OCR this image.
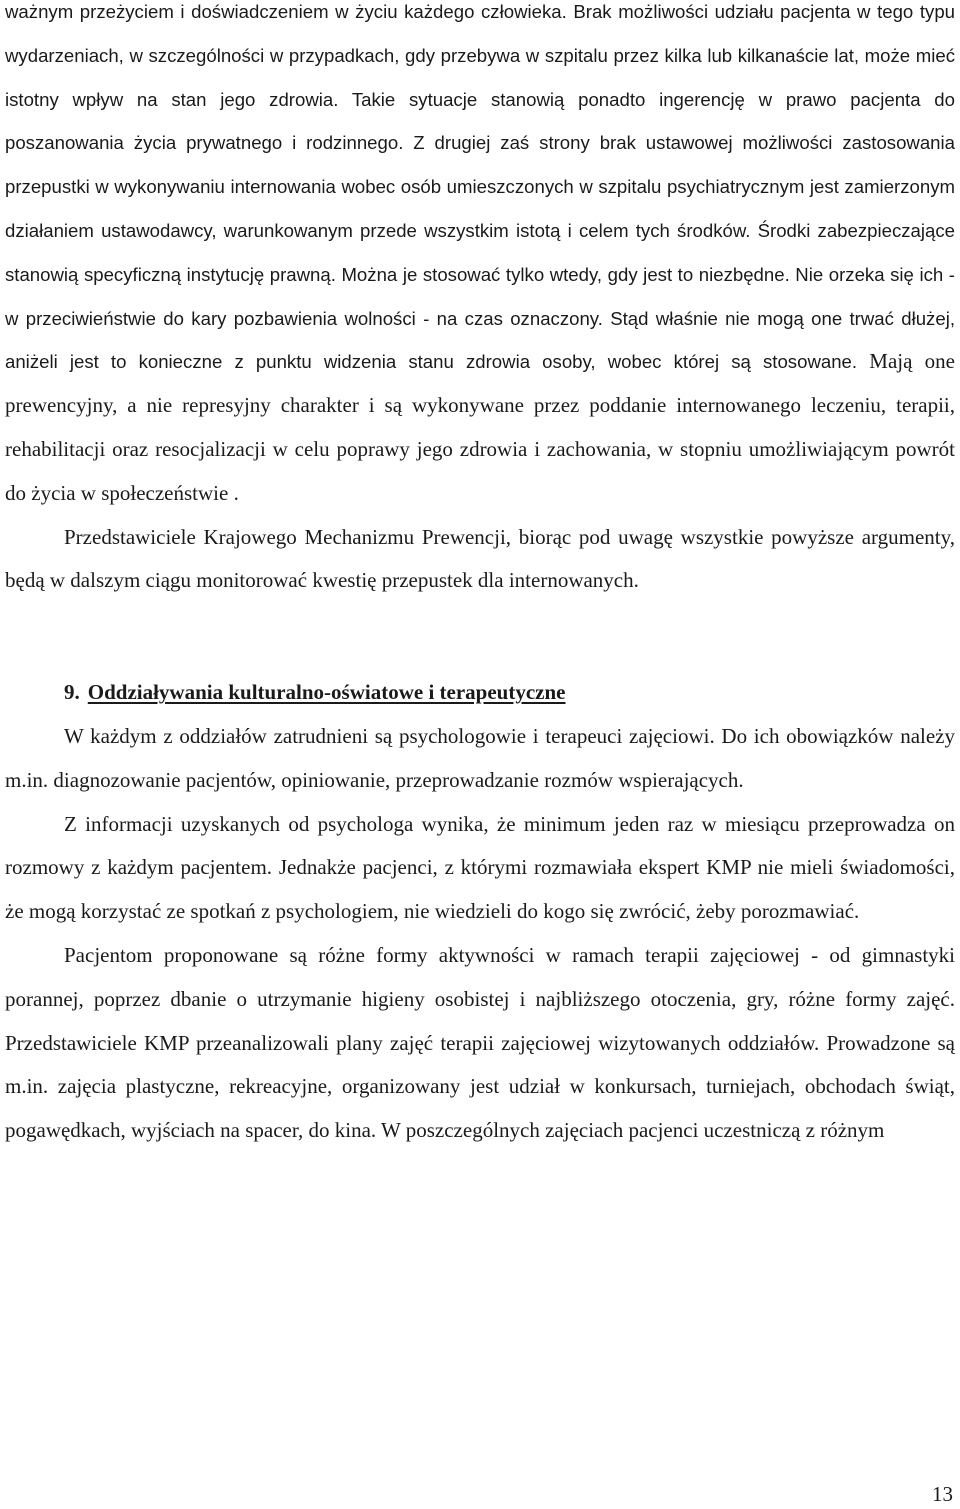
ważnym przeżyciem i doświadczeniem w życiu każdego człowieka. Brak możliwości udziału pacjenta w tego typu wydarzeniach, w szczególności w przypadkach, gdy przebywa w szpitalu przez kilka lub kilkanaście lat, może mieć istotny wpływ na stan jego zdrowia. Takie sytuacje stanowią ponadto ingerencję w prawo pacjenta do poszanowania życia prywatnego i rodzinnego. Z drugiej zaś strony brak ustawowej możliwości zastosowania przepustki w wykonywaniu internowania wobec osób umieszczonych w szpitalu psychiatrycznym jest zamierzonym działaniem ustawodawcy, warunkowanym przede wszystkim istotą i celem tych środków. Środki zabezpieczające stanowią specyficzną instytucję prawną. Można je stosować tylko wtedy, gdy jest to niezbędne. Nie orzeka się ich - w przeciwieństwie do kary pozbawienia wolności - na czas oznaczony. Stąd właśnie nie mogą one trwać dłużej, aniżeli jest to konieczne z punktu widzenia stanu zdrowia osoby, wobec której są stosowane. Mają one prewencyjny, a nie represyjny charakter i są wykonywane przez poddanie internowanego leczeniu, terapii, rehabilitacji oraz resocjalizacji w celu poprawy jego zdrowia i zachowania, w stopniu umożliwiającym powrót do życia w społeczeństwie .

Przedstawiciele Krajowego Mechanizmu Prewencji, biorąc pod uwagę wszystkie powyższe argumenty, będą w dalszym ciągu monitorować kwestię przepustek dla internowanych.

9. Oddziaływania kulturalno-oświatowe i terapeutyczne

W każdym z oddziałów zatrudnieni są psychologowie i terapeuci zajęciowi. Do ich obowiązków należy m.in. diagnozowanie pacjentów, opiniowanie, przeprowadzanie rozmów wspierających.

Z informacji uzyskanych od psychologa wynika, że minimum jeden raz w miesiącu przeprowadza on rozmowy z każdym pacjentem. Jednakże pacjenci, z którymi rozmawiała ekspert KMP nie mieli świadomości, że mogą korzystać ze spotkań z psychologiem, nie wiedzieli do kogo się zwrócić, żeby porozmawiać.

Pacjentom proponowane są różne formy aktywności w ramach terapii zajęciowej - od gimnastyki porannej, poprzez dbanie o utrzymanie higieny osobistej i najbliższego otoczenia, gry, różne formy zajęć. Przedstawiciele KMP przeanalizowali plany zajęć terapii zajęciowej wizytowanych oddziałów. Prowadzone są m.in. zajęcia plastyczne, rekreacyjne, organizowany jest udział w konkursach, turniejach, obchodach świąt, pogawędkach, wyjściach na spacer, do kina. W poszczególnych zajęciach pacjenci uczestniczą z różnym

13
